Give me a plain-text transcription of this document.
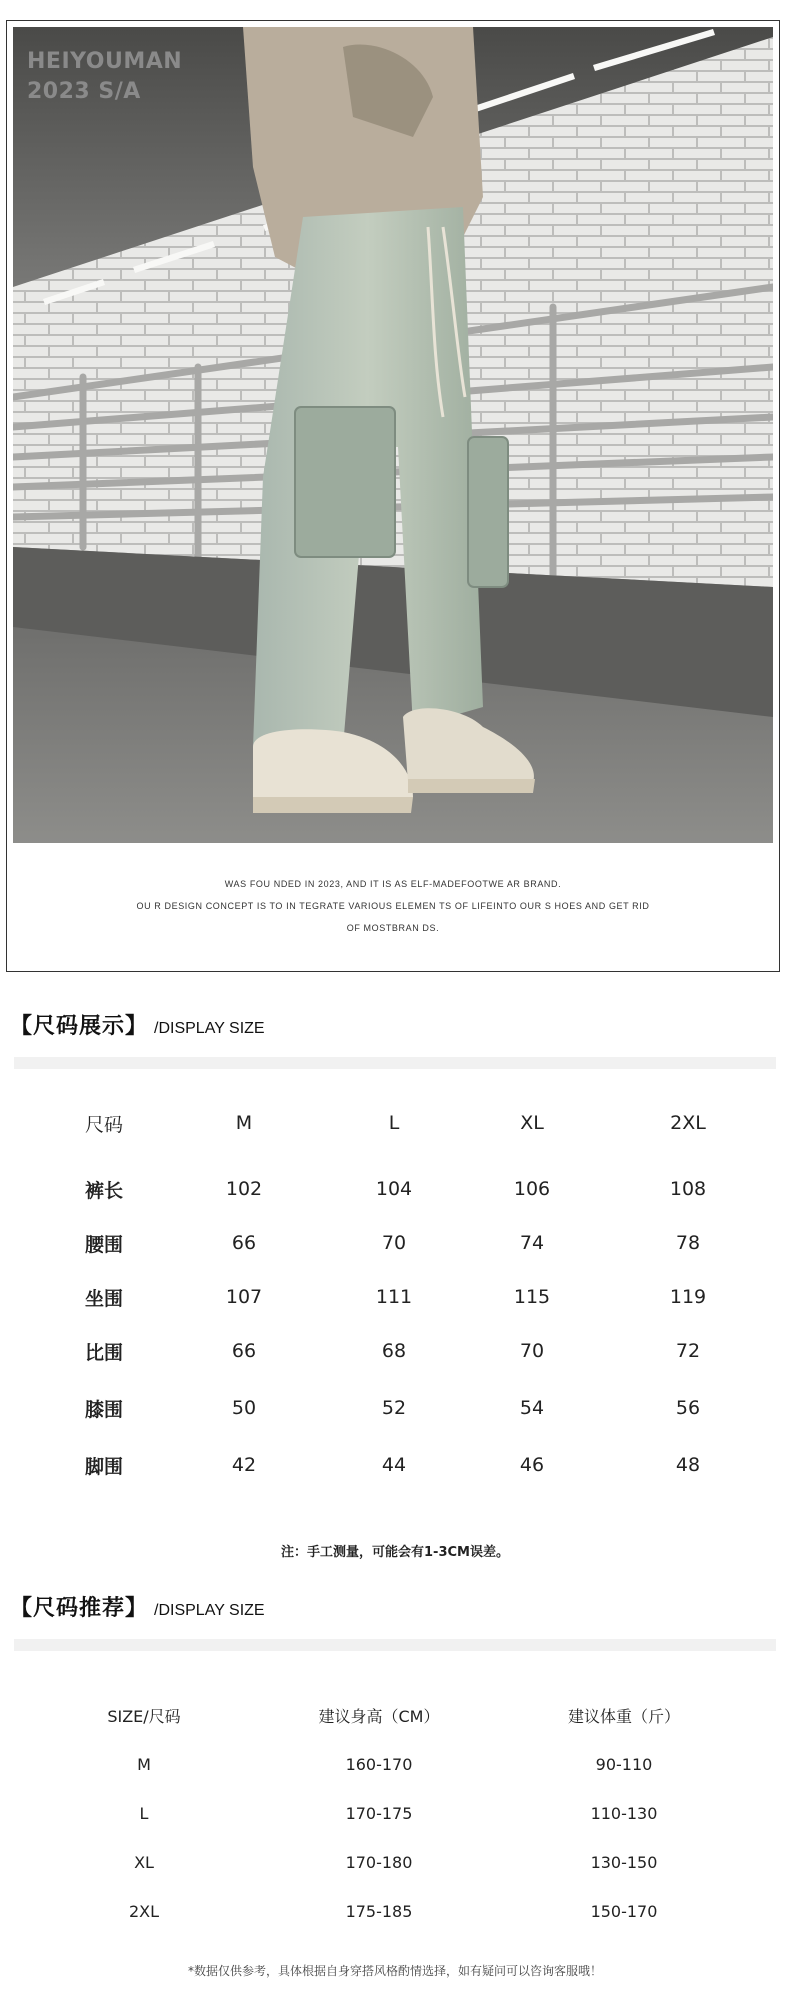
HEIYOUMAN
2023 S/A
WAS FOU NDED IN 2023, AND IT IS AS ELF-MADEFOOTWE AR BRAND.
OU R DESIGN CONCEPT IS TO IN TEGRATE VARIOUS ELEMEN TS OF LIFEINTO OUR S HOES AND GET RID
OF MOSTBRAN DS.
【尺码展示】 /DISPLAY SIZE
尺码	M	L	XL	2XL
裤长	102	104	106	108
腰围	66	70	74	78
坐围	107	111	115	119
比围	66	68	70	72
膝围	50	52	54	56
脚围	42	44	46	48
注：手工测量，可能会有1-3CM误差。
【尺码推荐】 /DISPLAY SIZE
SIZE/尺码	建议身高（CM）	建议体重（斤）
M	160-170	90-110
L	170-175	110-130
XL	170-180	130-150
2XL	175-185	150-170
*数据仅供参考，具体根据自身穿搭风格酌情选择，如有疑问可以咨询客服哦！
